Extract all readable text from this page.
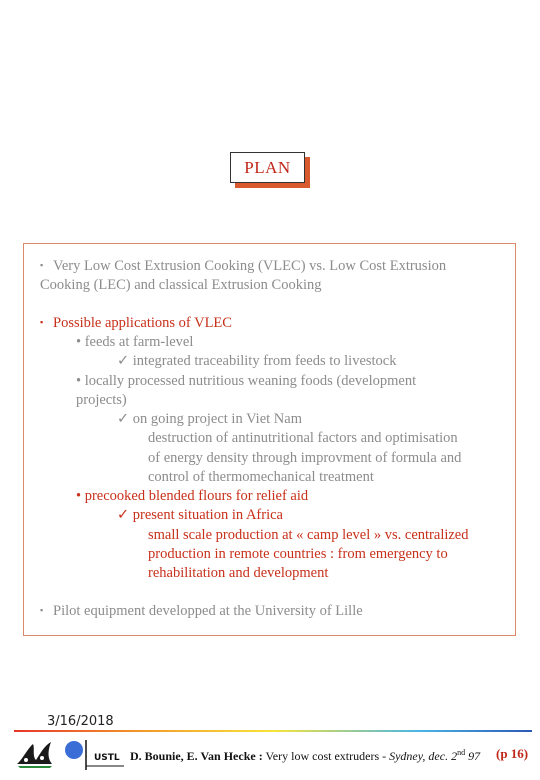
PLAN
▪ Very Low Cost Extrusion Cooking (VLEC) vs. Low Cost Extrusion
Cooking (LEC) and classical Extrusion Cooking
▪ Possible applications of VLEC
• feeds at farm-level
✓ integrated traceability from feeds to livestock
• locally processed nutritious weaning foods (development
projects)
✓ on going project in Viet Nam
destruction of antinutritional factors and optimisation
of energy density through improvment of formula and
control of thermomechanical treatment
• precooked blended flours for relief aid
✓ present situation in Africa
small scale production at « camp level » vs. centralized
production in remote countries : from emergency to
rehabilitation and development
▪ Pilot equipment developped at the University of Lille
3/16/2018
USTL D. Bounie, E. Van Hecke : Very low cost extruders - Sydney, dec. 2nd 97 (p 16)
